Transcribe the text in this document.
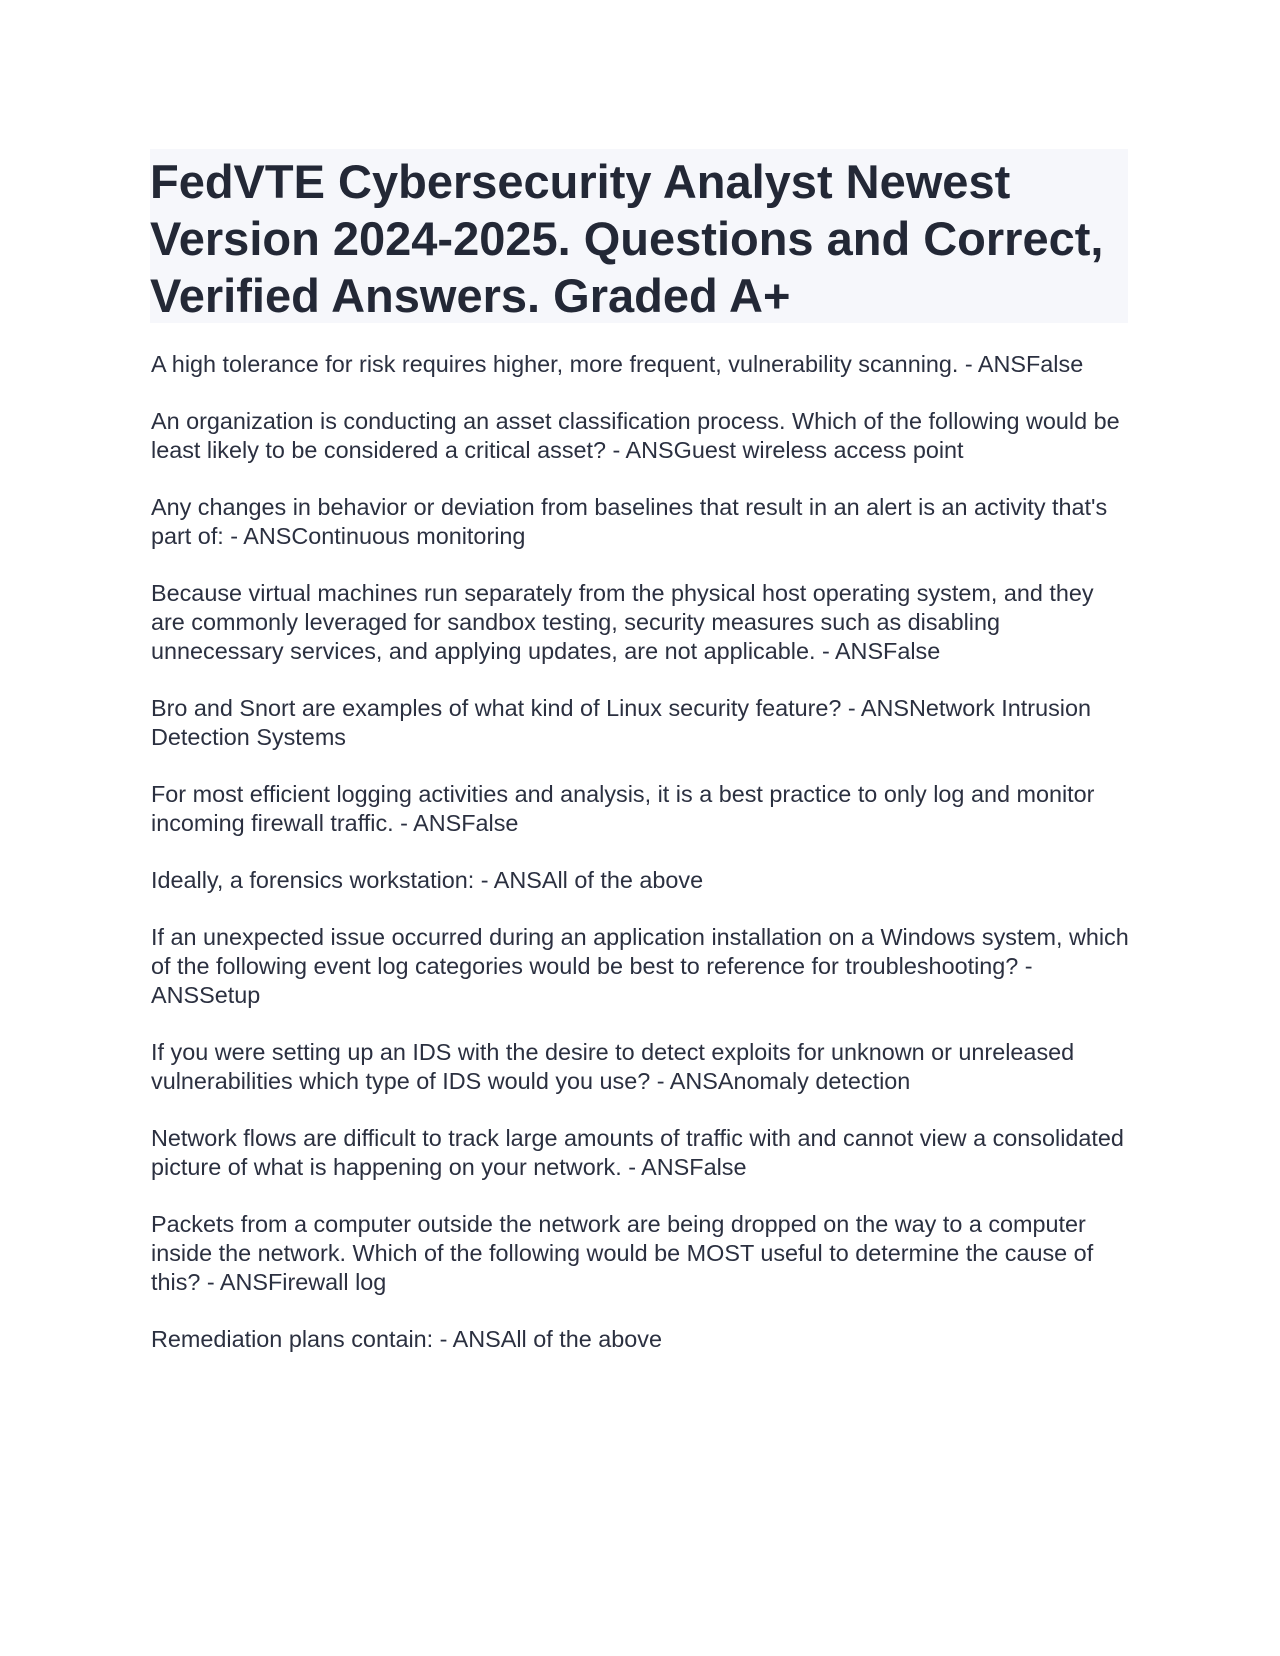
FedVTE Cybersecurity Analyst Newest Version 2024-2025. Questions and Correct, Verified Answers. Graded A+
A high tolerance for risk requires higher, more frequent, vulnerability scanning. - ANSFalse
An organization is conducting an asset classification process. Which of the following would be least likely to be considered a critical asset? - ANSGuest wireless access point
Any changes in behavior or deviation from baselines that result in an alert is an activity that's part of: - ANSContinuous monitoring
Because virtual machines run separately from the physical host operating system, and they are commonly leveraged for sandbox testing, security measures such as disabling unnecessary services, and applying updates, are not applicable. - ANSFalse
Bro and Snort are examples of what kind of Linux security feature? - ANSNetwork Intrusion Detection Systems
For most efficient logging activities and analysis, it is a best practice to only log and monitor incoming firewall traffic. - ANSFalse
Ideally, a forensics workstation: - ANSAll of the above
If an unexpected issue occurred during an application installation on a Windows system, which of the following event log categories would be best to reference for troubleshooting? - ANSSetup
If you were setting up an IDS with the desire to detect exploits for unknown or unreleased vulnerabilities which type of IDS would you use? - ANSAnomaly detection
Network flows are difficult to track large amounts of traffic with and cannot view a consolidated picture of what is happening on your network. - ANSFalse
Packets from a computer outside the network are being dropped on the way to a computer inside the network. Which of the following would be MOST useful to determine the cause of this? - ANSFirewall log
Remediation plans contain: - ANSAll of the above
